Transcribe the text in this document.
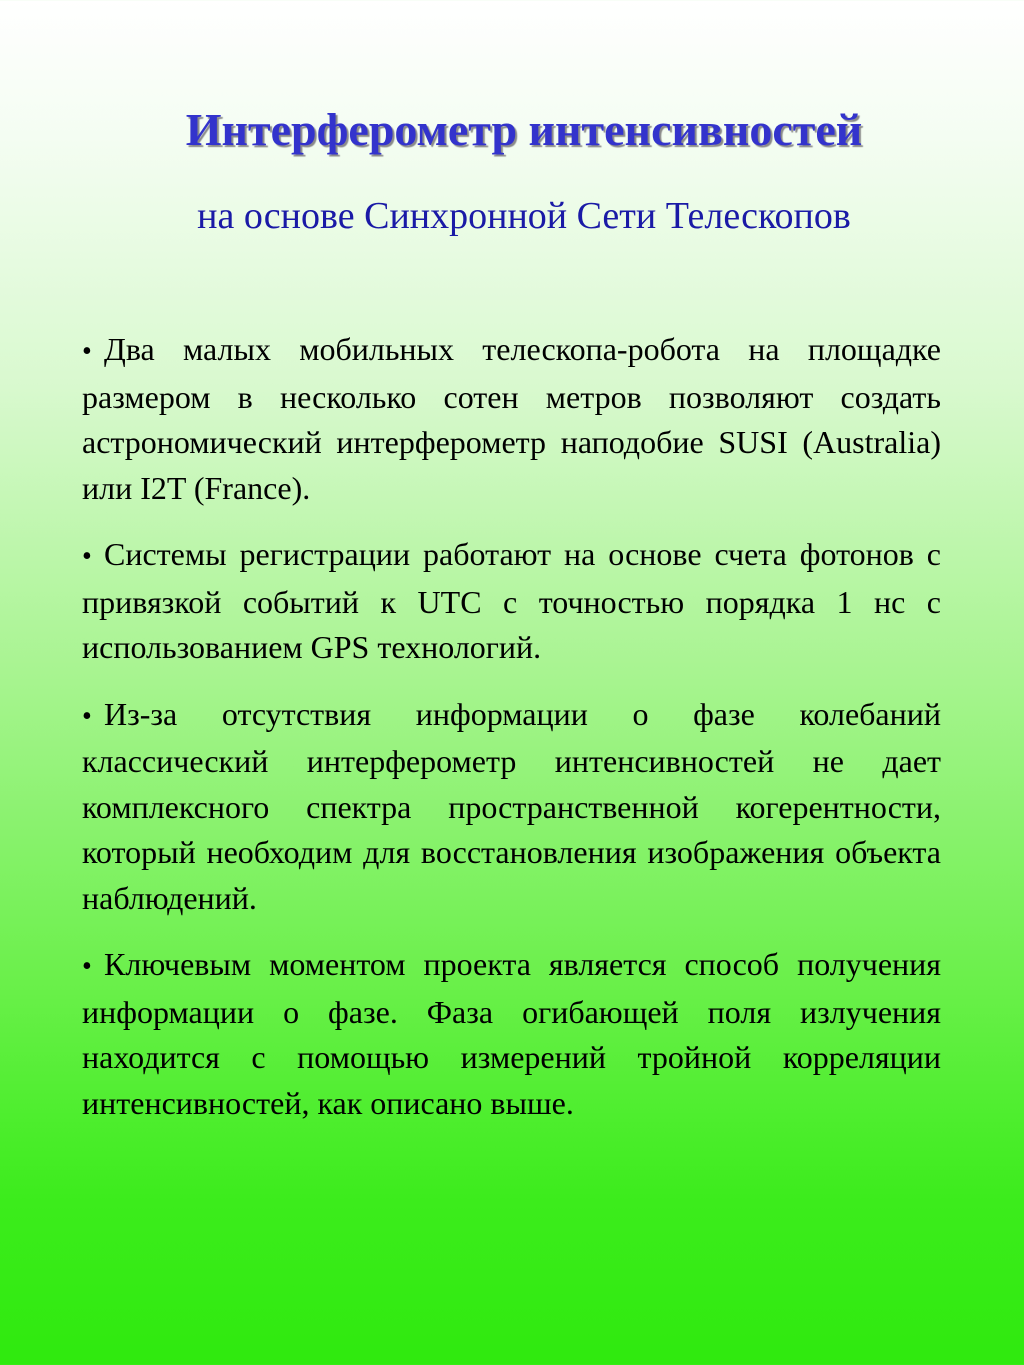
Интерферометр интенсивностей

на основе Синхронной Сети Телескопов

• Два малых мобильных телескопа-робота на площадке размером в несколько сотен метров позволяют создать астрономический интерферометр наподобие SUSI (Australia) или I2T (France).
• Системы регистрации работают на основе счета фотонов с привязкой событий к UTC с точностью порядка 1 нс с использованием GPS технологий.
• Из-за отсутствия информации о фазе колебаний классический интерферометр интенсивностей не дает комплексного спектра пространственной когерентности, который необходим для восстановления изображения объекта наблюдений.
• Ключевым моментом проекта является способ получения информации о фазе. Фаза огибающей поля излучения находится с помощью измерений тройной корреляции интенсивностей, как описано выше.
